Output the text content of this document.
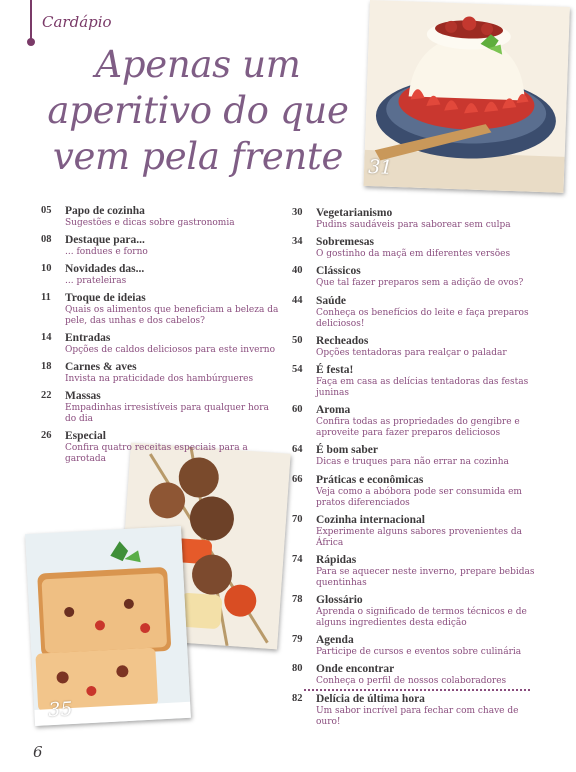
Cardápio
Apenas um
aperitivo do que
vem pela frente	31
35
05 Papo de cozinha
Sugestões e dicas sobre gastronomia
08 Destaque para...
... fondues e forno
10 Novidades das...
... prateleiras
11 Troque de ideias
Quais os alimentos que beneficiam a beleza da pele, das unhas e dos cabelos?
14 Entradas
Opções de caldos deliciosos para este inverno
18 Carnes & aves
Invista na praticidade dos hambúrgueres
22 Massas
Empadinhas irresistíveis para qualquer hora do dia
26 Especial
Confira quatro receitas especiais para a garotada
30 Vegetarianismo
Pudins saudáveis para saborear sem culpa
34 Sobremesas
O gostinho da maçã em diferentes versões
40 Clássicos
Que tal fazer preparos sem a adição de ovos?
44 Saúde
Conheça os benefícios do leite e faça preparos deliciosos!
50 Recheados
Opções tentadoras para realçar o paladar
54 É festa!
Faça em casa as delícias tentadoras das festas juninas
60 Aroma
Confira todas as propriedades do gengibre e aproveite para fazer preparos deliciosos
64 É bom saber
Dicas e truques para não errar na cozinha
66 Práticas e econômicas
Veja como a abóbora pode ser consumida em pratos diferenciados
70 Cozinha internacional
Experimente alguns sabores provenientes da África
74 Rápidas
Para se aquecer neste inverno, prepare bebidas quentinhas
78 Glossário
Aprenda o significado de termos técnicos e de alguns ingredientes desta edição
79 Agenda
Participe de cursos e eventos sobre culinária
80 Onde encontrar
Conheça o perfil de nossos colaboradores
82 Delícia de última hora
Um sabor incrível para fechar com chave de ouro!
6
